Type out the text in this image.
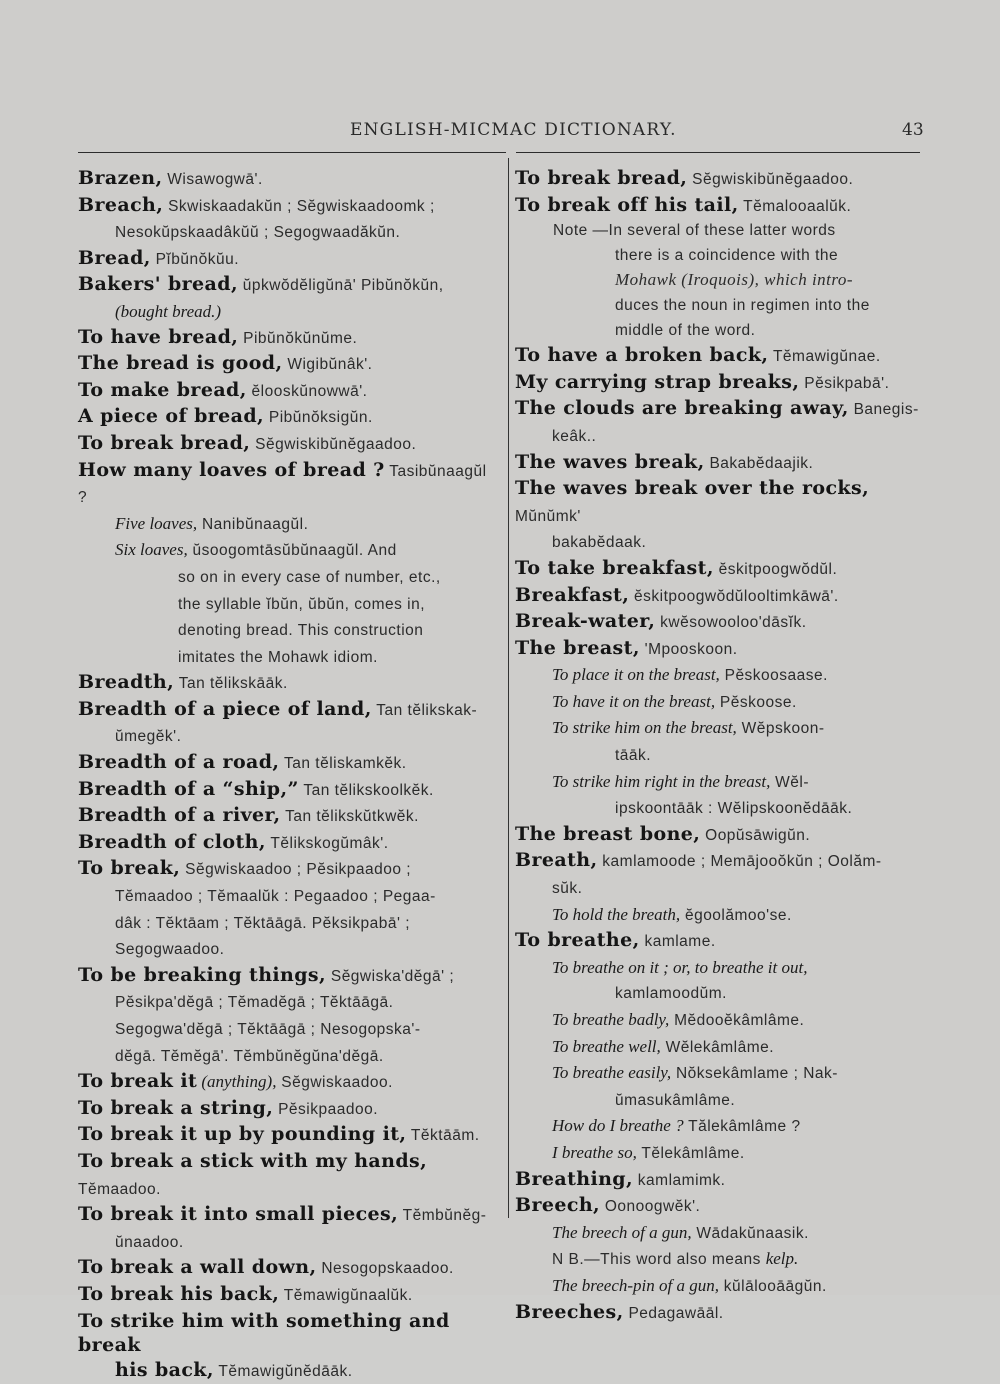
ENGLISH-MICMAC DICTIONARY.	43
Brazen, Wisawogwā'.
Breach, Skwiskaadakŭn ; Sĕgwiskaadoomk ;
Nesokŭpskaadâkŭŭ ; Segogwaadăkŭn.
Bread, Pĭbŭnŏkŭu.
Bakers' bread, ŭpkwŏdĕligŭnā' Pibŭnŏkŭn,
(bought bread.)
To have bread, Pibŭnŏkŭnŭme.
The bread is good, Wigibŭnâk'.
To make bread, ĕlooskŭnowwā'.
A piece of bread, Pibŭnŏksigŭn.
To break bread, Sĕgwiskibŭnĕgaadoo.
How many loaves of bread ? Tasibŭnaagŭl ?
Five loaves, Nanibŭnaagŭl.
Six loaves, ŭsoogomtāsŭbŭnaagŭl. And
so on in every case of number, etc.,
the syllable ĭbŭn, ŭbŭn, comes in,
denoting bread. This construction
imitates the Mohawk idiom.
Breadth, Tan tĕlikskāāk.
Breadth of a piece of land, Tan tĕlikskak-
ŭmegĕk'.
Breadth of a road, Tan tĕliskamkĕk.
Breadth of a “ship,” Tan tĕlikskoolkĕk.
Breadth of a river, Tan tĕlikskŭtkwĕk.
Breadth of cloth, Tĕlikskogŭmâk'.
To break, Sĕgwiskaadoo ; Pĕsikpaadoo ;
Tĕmaadoo ; Tĕmaalŭk : Pegaadoo ; Pegaa-
dâk : Tĕktāam ; Tĕktāāgā. Pĕksikpabā' ;
Segogwaadoo.
To be breaking things, Sĕgwiska'dĕgā' ;
Pĕsikpa'dĕgā ; Tĕmadĕgā ; Tĕktāāgā.
Segogwa'dĕgā ; Tĕktāāgā ; Nesogopska'-
dĕgā. Tĕmĕgā'. Tĕmbŭnĕgŭna'dĕgā.
To break it (anything), Sĕgwiskaadoo.
To break a string, Pĕsikpaadoo.
To break it up by pounding it, Tĕktāām.
To break a stick with my hands, Tĕmaadoo.
To break it into small pieces, Tĕmbŭnĕg-
ŭnaadoo.
To break a wall down, Nesogopskaadoo.
To break his back, Tĕmawigŭnaalŭk.
To strike him with something and break
his back, Tĕmawigŭnĕdāāk.
To break bread, Sĕgwiskibŭnĕgaadoo.
To break off his tail, Tĕmalooaalŭk.
Note —In several of these latter words
there is a coincidence with the
Mohawk (Iroquois), which intro-
duces the noun in regimen into the
middle of the word.
To have a broken back, Tĕmawigŭnae.
My carrying strap breaks, Pĕsikpabā'.
The clouds are breaking away, Banegis-
keâk..
The waves break, Bakabĕdaajik.
The waves break over the rocks, Mŭnŭmk'
bakabĕdaak.
To take breakfast, ĕskitpoogwŏdŭl.
Breakfast, ĕskitpoogwŏdŭlooltimkāwā'.
Break-water, kwĕsowooloo'dāsĭk.
The breast, 'Mpooskoon.
To place it on the breast, Pĕskoosaase.
To have it on the breast, Pĕskoose.
To strike him on the breast, Wĕpskoon-
tāāk.
To strike him right in the breast, Wĕl-
ipskoontāāk : Wĕlipskoonĕdāāk.
The breast bone, Oopŭsāwigŭn.
Breath, kamlamoode ; Memājooŏkŭn ; Oolăm-
sŭk.
To hold the breath, ĕgoolămoo'se.
To breathe, kamlame.
To breathe on it ; or, to breathe it out,
kamlamoodŭm.
To breathe badly, Mĕdooĕkâmlâme.
To breathe well, Wĕlekâmlâme.
To breathe easily, Nŏksekâmlame ; Nak-
ŭmasukâmlâme.
How do I breathe ? Tălekâmlâme ?
I breathe so, Tĕlekâmlâme.
Breathing, kamlamimk.
Breech, Oonoogwĕk'.
The breech of a gun, Wādakŭnaasik.
N B.—This word also means kelp.
The breech-pin of a gun, kŭlālooāāgŭn.
Breeches, Pedagawāāl.
